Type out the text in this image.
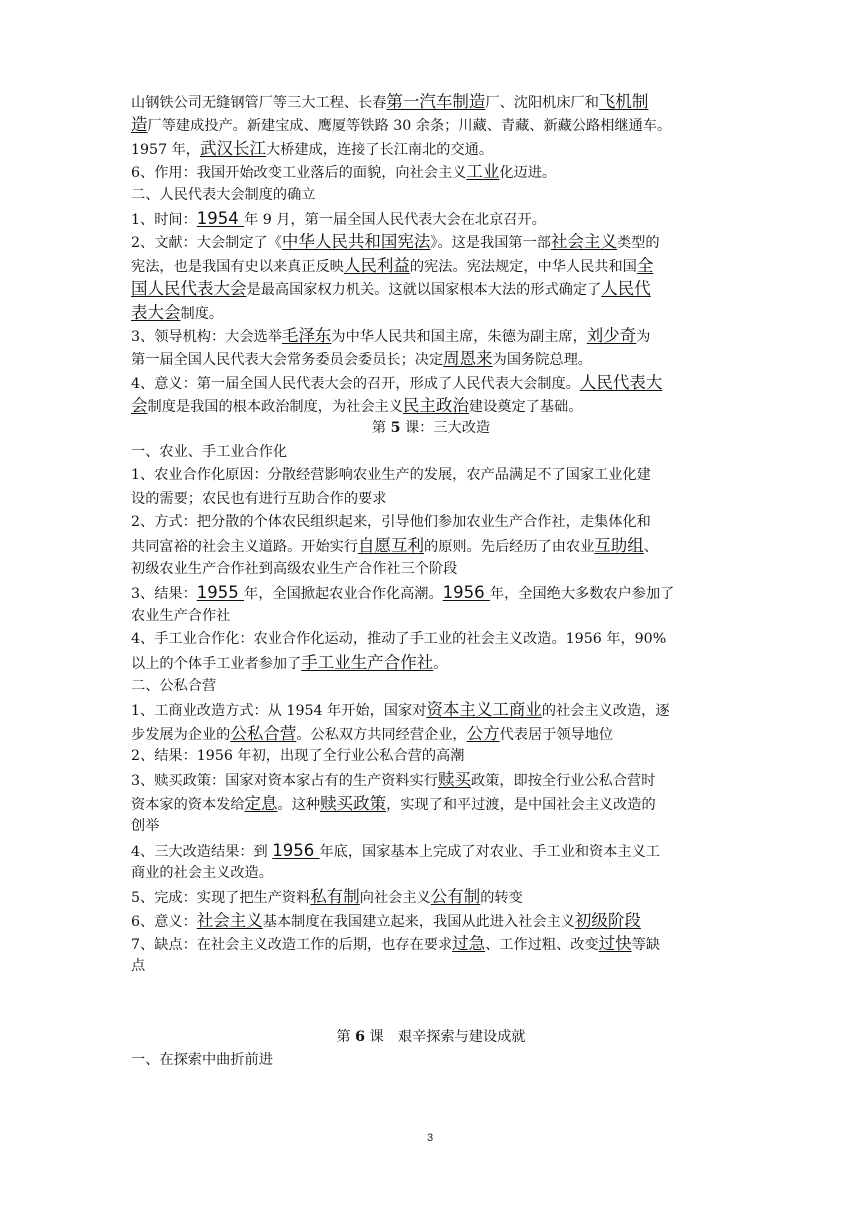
山钢铁公司无缝钢管厂等三大工程、长春第一汽车制造厂、沈阳机床厂和飞机制
造厂等建成投产。新建宝成、鹰厦等铁路 30 余条；川藏、青藏、新藏公路相继通车。
1957 年，武汉长江大桥建成，连接了长江南北的交通。
6、作用：我国开始改变工业落后的面貌，向社会主义工业化迈进。
二、人民代表大会制度的确立
1、时间：1954 年 9 月，第一届全国人民代表大会在北京召开。
2、文献：大会制定了《中华人民共和国宪法》。这是我国第一部社会主义类型的
宪法，也是我国有史以来真正反映人民利益的宪法。宪法规定，中华人民共和国全
国人民代表大会是最高国家权力机关。这就以国家根本大法的形式确定了人民代
表大会制度。
3、领导机构：大会选举毛泽东为中华人民共和国主席，朱德为副主席，刘少奇为
第一届全国人民代表大会常务委员会委员长；决定周恩来为国务院总理。
4、意义：第一届全国人民代表大会的召开，形成了人民代表大会制度。人民代表大
会制度是我国的根本政治制度，为社会主义民主政治建设奠定了基础。
第 5 课：三大改造
一、农业、手工业合作化
1、农业合作化原因：分散经营影响农业生产的发展，农产品满足不了国家工业化建
设的需要；农民也有进行互助合作的要求
2、方式：把分散的个体农民组织起来，引导他们参加农业生产合作社，走集体化和
共同富裕的社会主义道路。开始实行自愿互利的原则。先后经历了由农业互助组、
初级农业生产合作社到高级农业生产合作社三个阶段
3、结果：1955 年，全国掀起农业合作化高潮。1956 年，全国绝大多数农户参加了
农业生产合作社
4、手工业合作化：农业合作化运动，推动了手工业的社会主义改造。1956 年，90%
以上的个体手工业者参加了手工业生产合作社。
二、公私合营
1、工商业改造方式：从 1954 年开始，国家对资本主义工商业的社会主义改造，逐
步发展为企业的公私合营。公私双方共同经营企业，公方代表居于领导地位
2、结果：1956 年初，出现了全行业公私合营的高潮
3、赎买政策：国家对资本家占有的生产资料实行赎买政策，即按全行业公私合营时
资本家的资本发给定息。这种赎买政策，实现了和平过渡，是中国社会主义改造的
创举
4、三大改造结果：到 1956 年底，国家基本上完成了对农业、手工业和资本主义工
商业的社会主义改造。
5、完成：实现了把生产资料私有制向社会主义公有制的转变
6、意义：社会主义基本制度在我国建立起来，我国从此进入社会主义初级阶段
7、缺点：在社会主义改造工作的后期，也存在要求过急、工作过粗、改变过快等缺
点
第 6 课　艰辛探索与建设成就
一、在探索中曲折前进
3
